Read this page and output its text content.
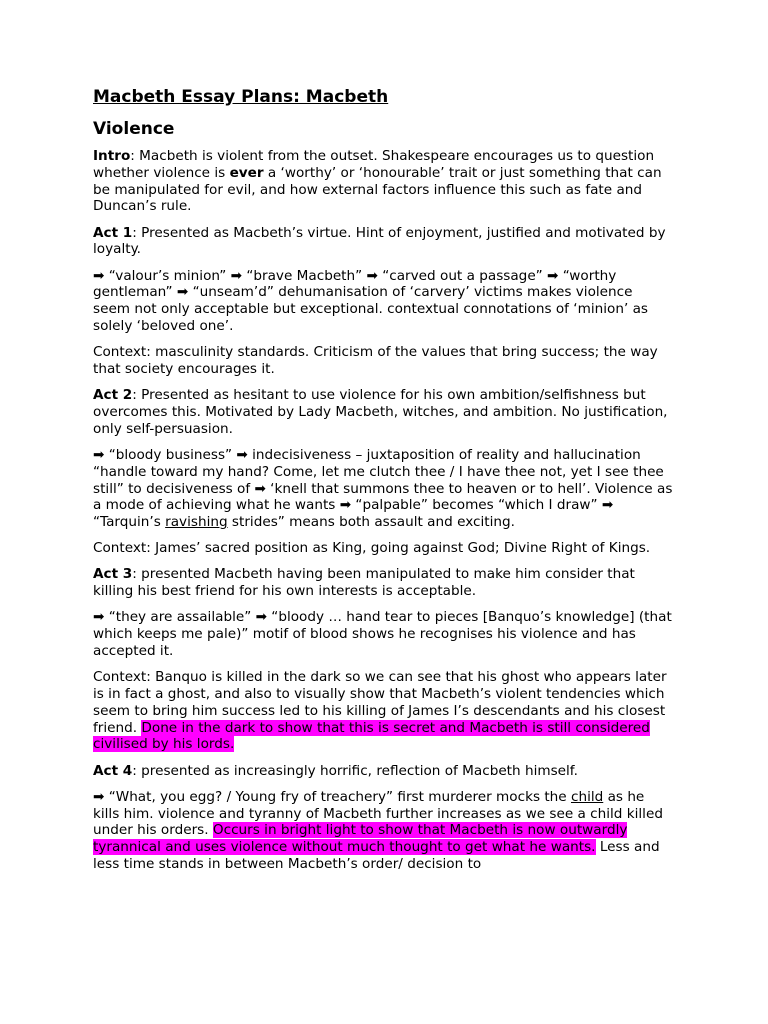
Macbeth Essay Plans: Macbeth
Violence

Intro: Macbeth is violent from the outset. Shakespeare encourages us to question whether violence is ever a ‘worthy’ or ‘honourable’ trait or just something that can be manipulated for evil, and how external factors influence this such as fate and Duncan’s rule.

Act 1: Presented as Macbeth’s virtue. Hint of enjoyment, justified and motivated by loyalty.

➡ “valour’s minion” ➡ “brave Macbeth” ➡ “carved out a passage” ➡ “worthy gentleman” ➡ “unseam’d” dehumanisation of ‘carvery’ victims makes violence seem not only acceptable but exceptional. contextual connotations of ‘minion’ as solely ‘beloved one’.

Context: masculinity standards. Criticism of the values that bring success; the way that society encourages it.

Act 2: Presented as hesitant to use violence for his own ambition/selfishness but overcomes this. Motivated by Lady Macbeth, witches, and ambition. No justification, only self-persuasion.

➡ “bloody business” ➡ indecisiveness – juxtaposition of reality and hallucination “handle toward my hand? Come, let me clutch thee / I have thee not, yet I see thee still” to decisiveness of ➡ ‘knell that summons thee to heaven or to hell’. Violence as a mode of achieving what he wants ➡ “palpable” becomes “which I draw” ➡ “Tarquin’s ravishing strides” means both assault and exciting.

Context: James’ sacred position as King, going against God; Divine Right of Kings.

Act 3: presented Macbeth having been manipulated to make him consider that killing his best friend for his own interests is acceptable.

➡ “they are assailable” ➡ “bloody … hand tear to pieces [Banquo’s knowledge] (that which keeps me pale)” motif of blood shows he recognises his violence and has accepted it.

Context: Banquo is killed in the dark so we can see that his ghost who appears later is in fact a ghost, and also to visually show that Macbeth’s violent tendencies which seem to bring him success led to his killing of James I’s descendants and his closest friend. Done in the dark to show that this is secret and Macbeth is still considered civilised by his lords.

Act 4: presented as increasingly horrific, reflection of Macbeth himself.

➡ “What, you egg? / Young fry of treachery” first murderer mocks the child as he kills him. violence and tyranny of Macbeth further increases as we see a child killed under his orders. Occurs in bright light to show that Macbeth is now outwardly tyrannical and uses violence without much thought to get what he wants. Less and less time stands in between Macbeth’s order/ decision to
